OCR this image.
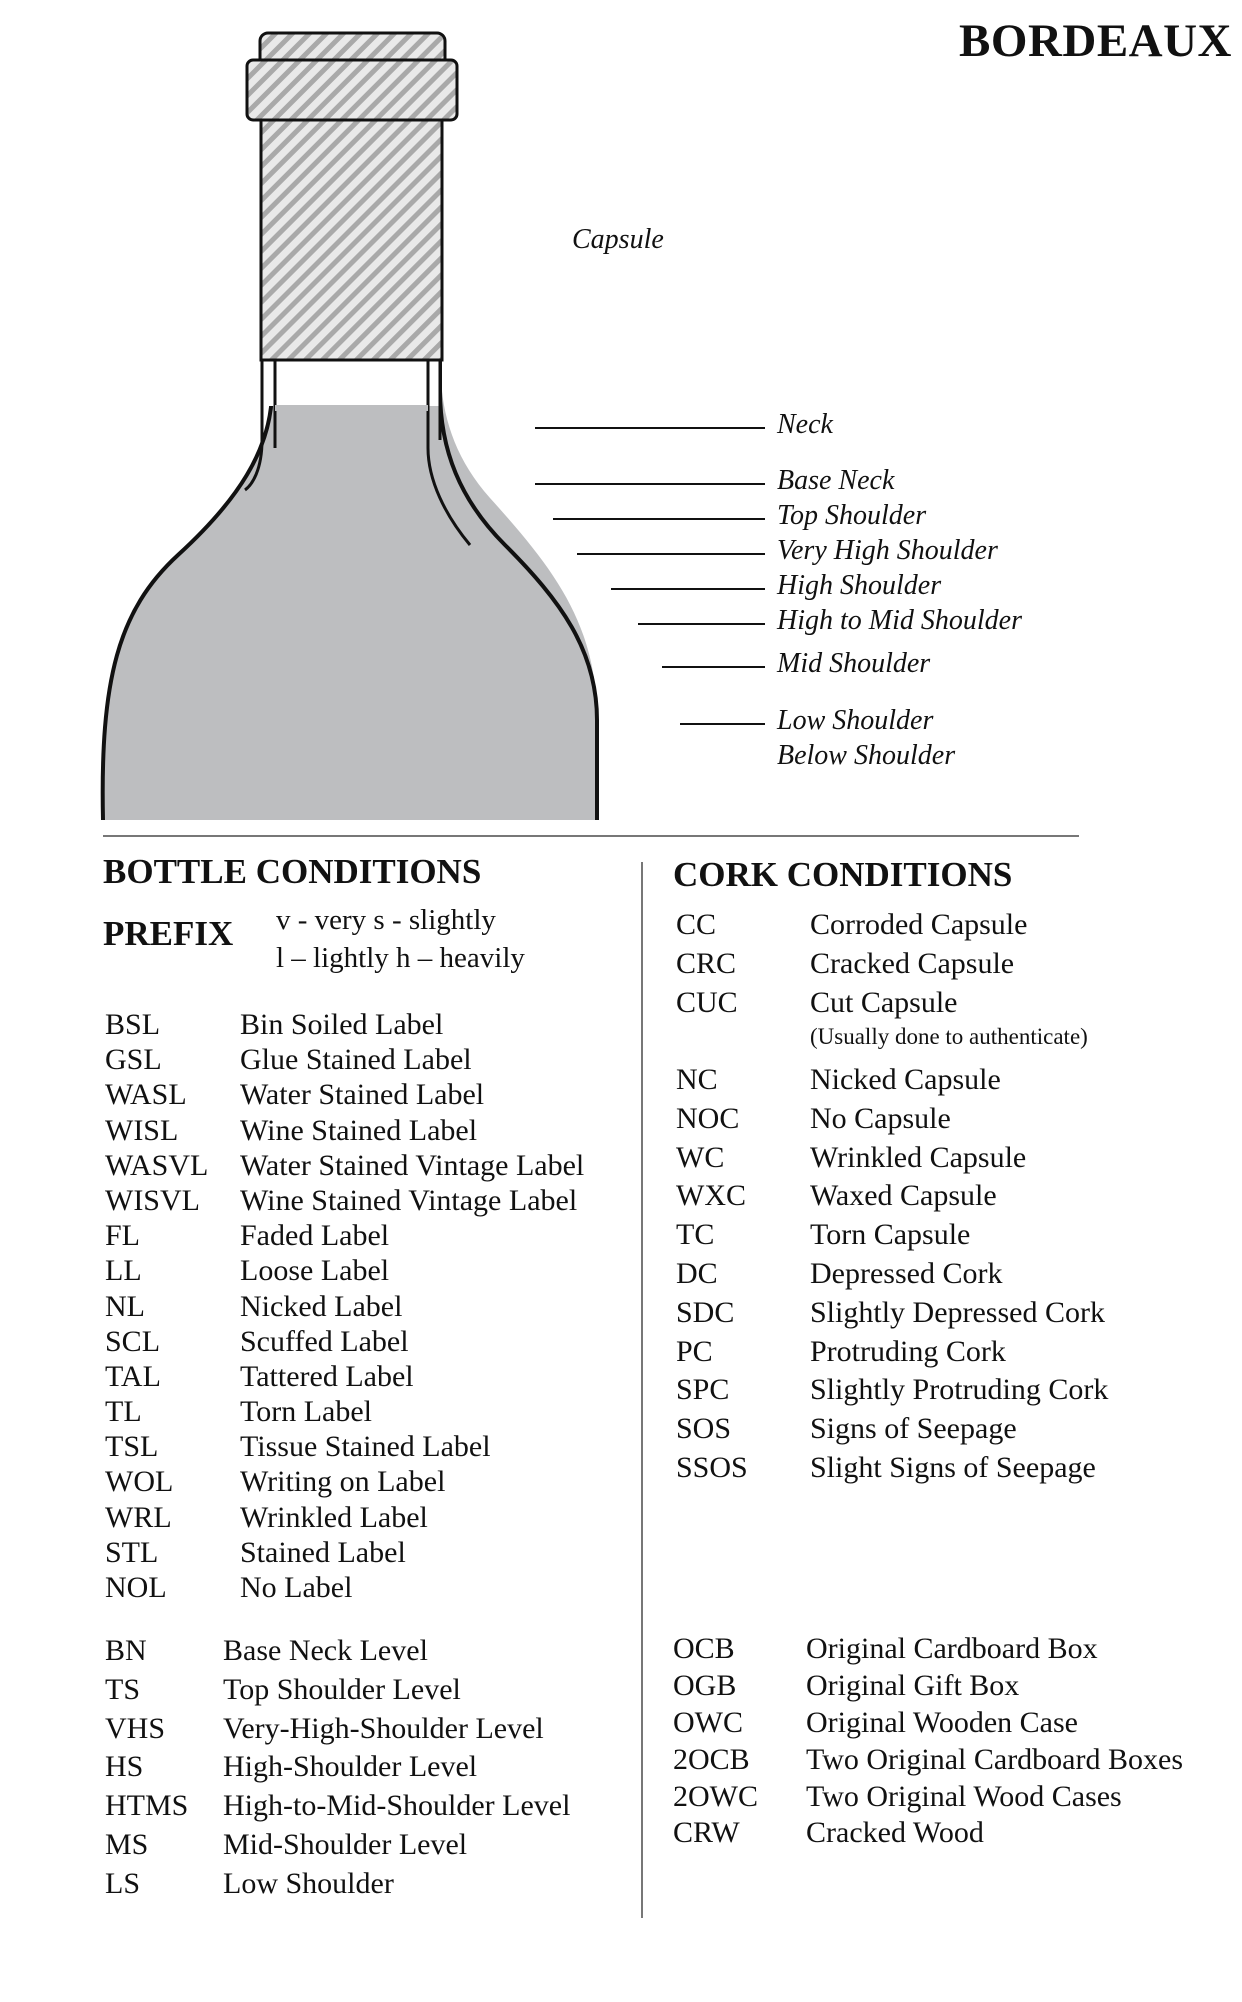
BORDEAUX
Capsule
Neck
Base Neck
Top Shoulder
Very High Shoulder
High Shoulder
High to Mid Shoulder
Mid Shoulder
Low Shoulder
Below Shoulder
BOTTLE CONDITIONS
PREFIX v - very s - slightly
l – lightly h – heavily
BSL	Bin Soiled Label
GSL	Glue Stained Label
WASL Water Stained Label
WISL Wine Stained Label
WASVL Water Stained Vintage Label
WISVL Wine Stained Vintage Label
FL	Faded Label
LL	Loose Label
NL	Nicked Label
SCL	Scuffed Label
TAL	Tattered Label
TL	Torn Label
TSL	Tissue Stained Label
WOL Writing on Label
WRL Wrinkled Label
STL	Stained Label
NOL No Label
BN	Base Neck Level
TS	Top Shoulder Level
VHS Very-High-Shoulder Level
HS	High-Shoulder Level
HTMS High-to-Mid-Shoulder Level
MS Mid-Shoulder Level
LS	Low Shoulder
CORK CONDITIONS
CC	Corroded Capsule
CRC Cracked Capsule
CUC Cut Capsule
(Usually done to authenticate)
NC	Nicked Capsule
NOC No Capsule
WC	Wrinkled Capsule
WXC Waxed Capsule
TC	Torn Capsule
DC	Depressed Cork
SDC	Slightly Depressed Cork
PC	Protruding Cork
SPC	Slightly Protruding Cork
SOS	Signs of Seepage
SSOS Slight Signs of Seepage
OCB Original Cardboard Box
OGB Original Gift Box
OWC Original Wooden Case
2OCB Two Original Cardboard Boxes
2OWC Two Original Wood Cases
CRW Cracked Wood
